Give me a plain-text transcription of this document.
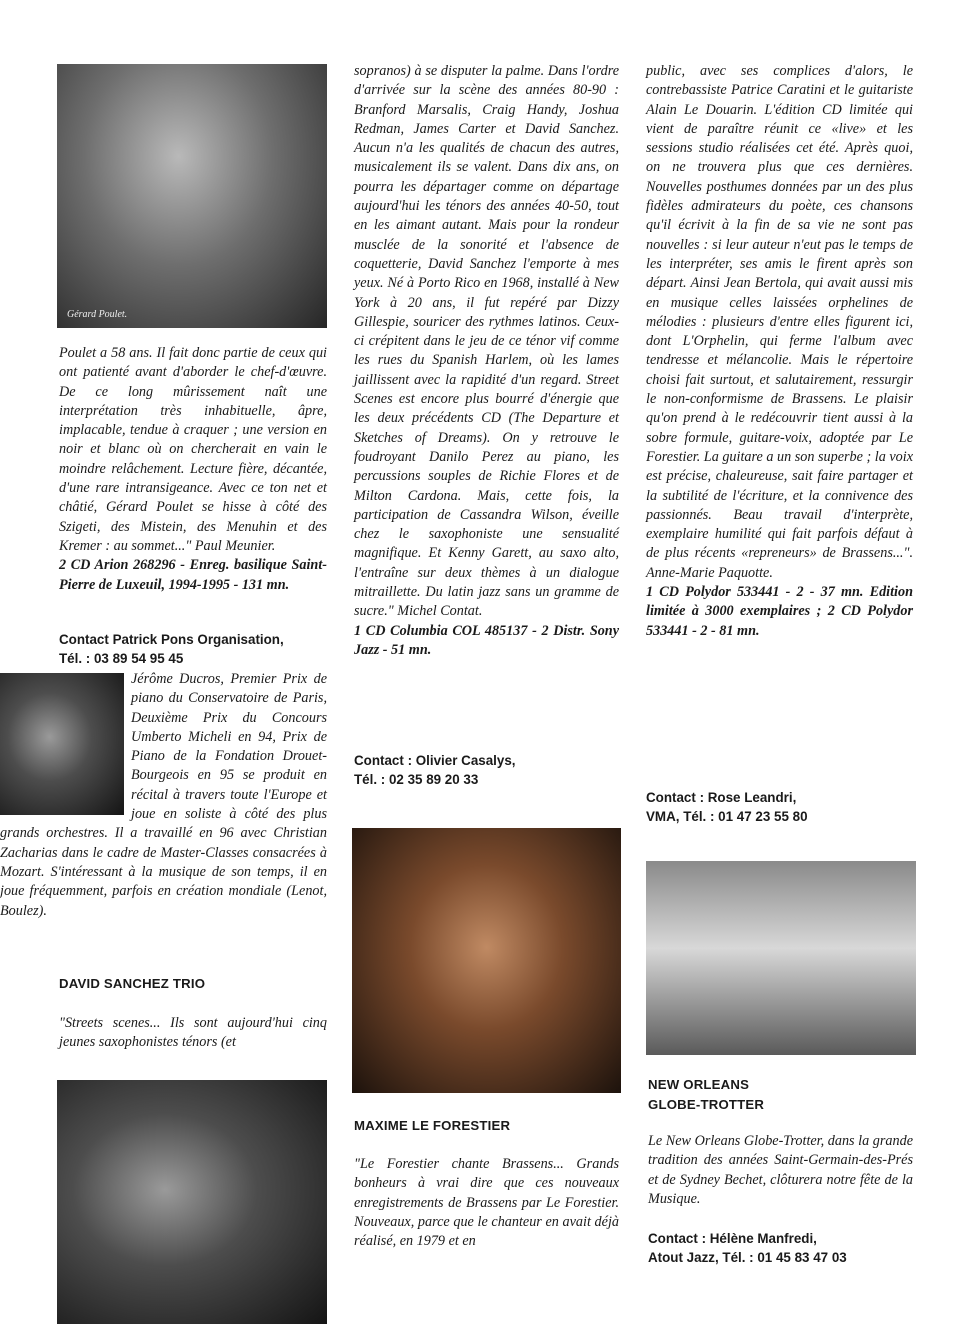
Gérard Poulet.

Poulet a 58 ans. Il fait donc partie de ceux qui ont patienté avant d'aborder le chef-d'œuvre. De ce long mûrissement naît une interprétation très inhabituelle, âpre, implacable, tendue à craquer ; une version en noir et blanc où on chercherait en vain le moindre relâchement. Lecture fière, décantée, d'une rare intransigeance. Avec ce ton net et châtié, Gérard Poulet se hisse à côté des Szigeti, des Mistein, des Menuhin et des Kremer : au sommet..." Paul Meunier.

2 CD Arion 268296 - Enreg. basilique Saint-Pierre de Luxeuil, 1994-1995 - 131 mn.

Contact Patrick Pons Organisation,
Tél. : 03 89 54 95 45
Jérôme Ducros, Premier Prix de piano du Conservatoire de Paris, Deuxième Prix du Concours Umberto Micheli en 94, Prix de Piano de la Fondation Drouet-Bourgeois en 95 se produit en récital à travers toute l'Europe et joue en soliste à côté des plus grands orchestres. Il a travaillé en 96 avec Christian Zacharias dans le cadre de Master-Classes consacrées à Mozart. S'intéressant à la musique de son temps, il en joue fréquemment, parfois en création mondiale (Lenot, Boulez).
DAVID SANCHEZ TRIO
"Streets scenes... Ils sont aujourd'hui cinq jeunes saxophonistes ténors (et

sopranos) à se disputer la palme. Dans l'ordre d'arrivée sur la scène des années 80-90 : Branford Marsalis, Craig Handy, Joshua Redman, James Carter et David Sanchez. Aucun n'a les qualités de chacun des autres, musicalement ils se valent. Dans dix ans, on pourra les départager comme on départage aujourd'hui les ténors des années 40-50, tout en les aimant autant. Mais pour la rondeur musclée de la sonorité et l'absence de coquetterie, David Sanchez l'emporte à mes yeux. Né à Porto Rico en 1968, installé à New York à 20 ans, il fut repéré par Dizzy Gillespie, souricer des rythmes latinos. Ceux-ci crépitent dans le jeu de ce ténor vif comme les rues du Spanish Harlem, où les lames jaillissent avec la rapidité d'un regard. Street Scenes est encore plus bourré d'énergie que les deux précédents CD (The Departure et Sketches of Dreams). On y retrouve le foudroyant Danilo Perez au piano, les percussions souples de Richie Flores et de Milton Cardona. Mais, cette fois, la participation de Cassandra Wilson, éveille chez le saxophoniste une sensualité magnifique. Et Kenny Garett, au saxo alto, l'entraîne sur deux thèmes à un dialogue mitraillette. Du latin jazz sans un gramme de sucre." Michel Contat.

1 CD Columbia COL 485137 - 2 Distr. Sony Jazz - 51 mn.

Contact : Olivier Casalys,
Tél. : 02 35 89 20 33
MAXIME LE FORESTIER
"Le Forestier chante Brassens... Grands bonheurs à vrai dire que ces nouveaux enregistrements de Brassens par Le Forestier. Nouveaux, parce que le chanteur en avait déjà réalisé, en 1979 et en

public, avec ses complices d'alors, le contrebassiste Patrice Caratini et le guitariste Alain Le Douarin. L'édition CD limitée qui vient de paraître réunit ce «live» et les sessions studio réalisées cet été. Après quoi, on ne trouvera plus que ces dernières. Nouvelles posthumes données par un des plus fidèles admirateurs du poète, ces chansons qu'il écrivit à la fin de sa vie ne sont pas nouvelles : si leur auteur n'eut pas le temps de les interpréter, ses amis le firent après son départ. Ainsi Jean Bertola, qui avait aussi mis en musique celles laissées orphelines de mélodies : plusieurs d'entre elles figurent ici, dont L'Orphelin, qui ferme l'album avec tendresse et mélancolie. Mais le répertoire choisi fait surtout, et salutairement, ressurgir le non-conformisme de Brassens. Le plaisir qu'on prend à le redécouvrir tient aussi à la sobre formule, guitare-voix, adoptée par Le Forestier. La guitare a un son superbe ; la voix est précise, chaleureuse, sait faire partager et la subtilité de l'écriture, et la connivence des passionnés. Beau travail d'interprète, exemplaire humilité qui fait parfois défaut à de plus récents «repreneurs» de Brassens...". Anne-Marie Paquotte.

1 CD Polydor 533441 - 2 - 37 mn. Edition limitée à 3000 exemplaires ; 2 CD Polydor 533441 - 2 - 81 mn.

Contact : Rose Leandri,
VMA, Tél. : 01 47 23 55 80
NEW ORLEANS
GLOBE-TROTTER
Le New Orleans Globe-Trotter, dans la grande tradition des années Saint-Germain-des-Prés et de Sydney Bechet, clôturera notre fête de la Musique.
Contact : Hélène Manfredi,
Atout Jazz, Tél. : 01 45 83 47 03
